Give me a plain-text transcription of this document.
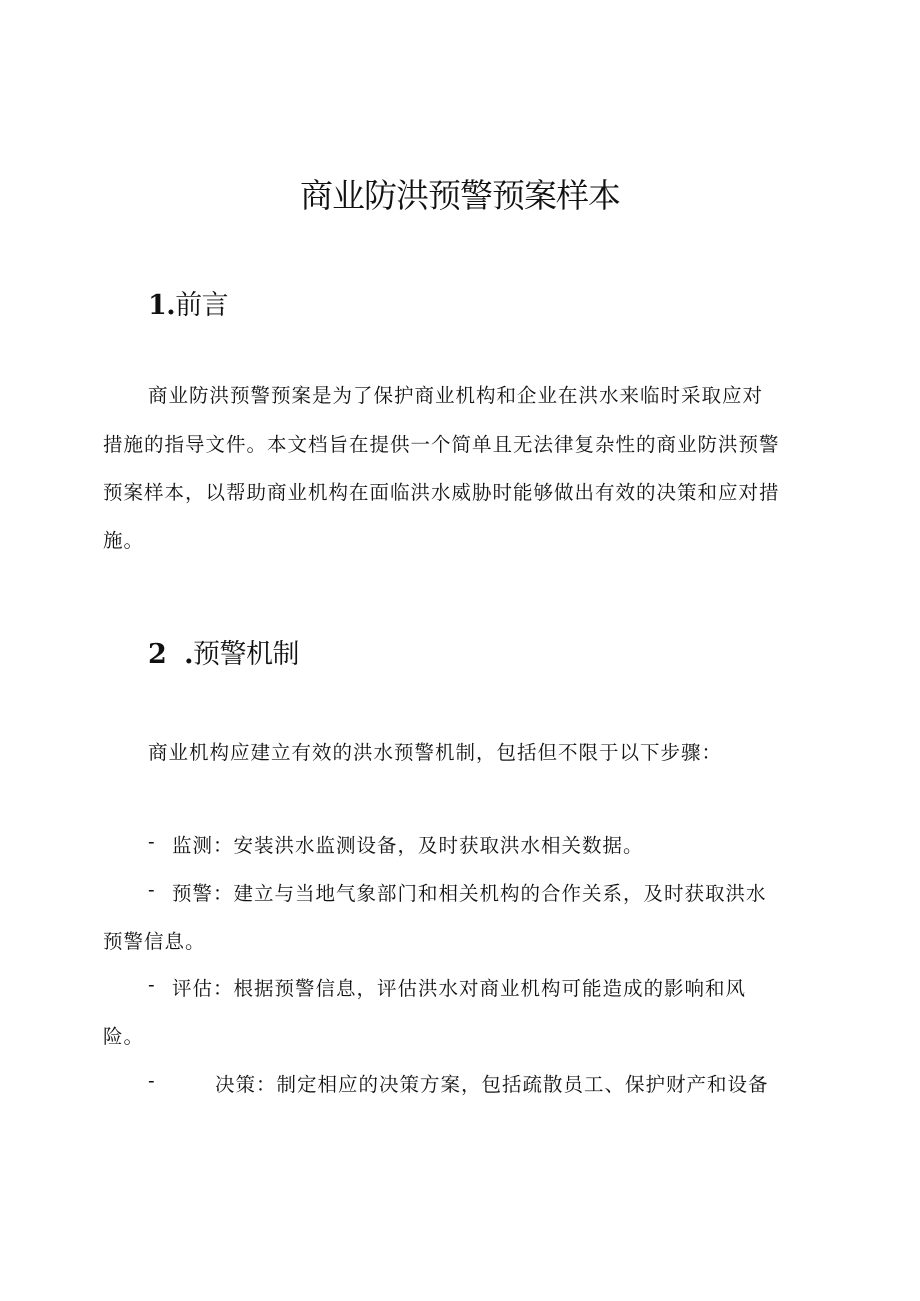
商业防洪预警预案样本
1.前言
商业防洪预警预案是为了保护商业机构和企业在洪水来临时采取应对
措施的指导文件。本文档旨在提供一个简单且无法律复杂性的商业防洪预警
预案样本，以帮助商业机构在面临洪水威胁时能够做出有效的决策和应对措
施。
2  .预警机制
商业机构应建立有效的洪水预警机制，包括但不限于以下步骤：
- 监测：安装洪水监测设备，及时获取洪水相关数据。
- 预警：建立与当地气象部门和相关机构的合作关系，及时获取洪水
预警信息。
- 评估：根据预警信息，评估洪水对商业机构可能造成的影响和风
险。
-	决策：制定相应的决策方案，包括疏散员工、保护财产和设备
